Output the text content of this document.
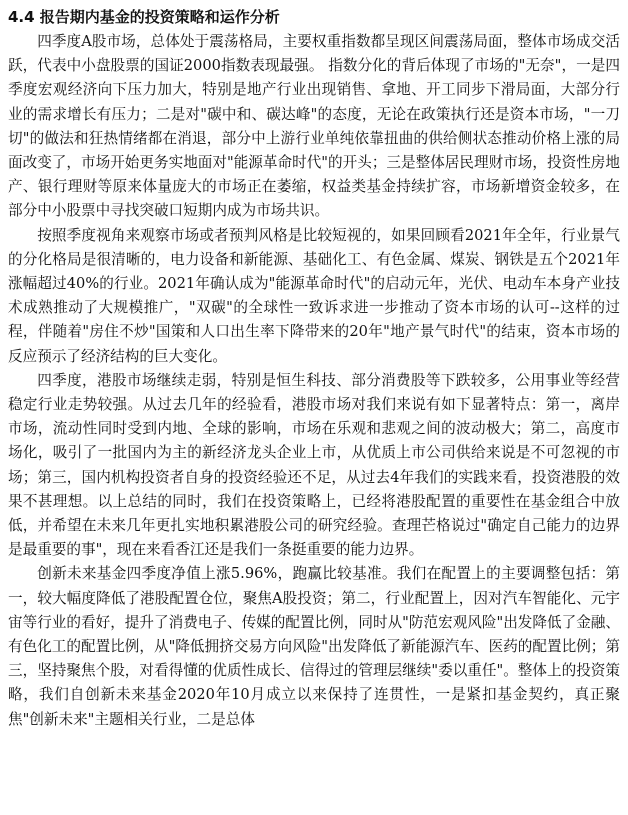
4.4 报告期内基金的投资策略和运作分析

四季度A股市场，总体处于震荡格局，主要权重指数都呈现区间震荡局面，整体市场成交活跃，代表中小盘股票的国证2000指数表现最强。 指数分化的背后体现了市场的"无奈"，一是四季度宏观经济向下压力加大，特别是地产行业出现销售、拿地、开工同步下滑局面，大部分行业的需求增长有压力；二是对"碳中和、碳达峰"的态度，无论在政策执行还是资本市场，"一刀切"的做法和狂热情绪都在消退，部分中上游行业单纯依靠扭曲的供给侧状态推动价格上涨的局面改变了，市场开始更务实地面对"能源革命时代"的开头；三是整体居民理财市场，投资性房地产、银行理财等原来体量庞大的市场正在萎缩，权益类基金持续扩容，市场新增资金较多，在部分中小股票中寻找突破口短期内成为市场共识。

按照季度视角来观察市场或者预判风格是比较短视的，如果回顾看2021年全年，行业景气的分化格局是很清晰的，电力设备和新能源、基础化工、有色金属、煤炭、钢铁是五个2021年涨幅超过40%的行业。2021年确认成为"能源革命时代"的启动元年，光伏、电动车本身产业技术成熟推动了大规模推广，"双碳"的全球性一致诉求进一步推动了资本市场的认可--这样的过程，伴随着"房住不炒"国策和人口出生率下降带来的20年"地产景气时代"的结束，资本市场的反应预示了经济结构的巨大变化。

四季度，港股市场继续走弱，特别是恒生科技、部分消费股等下跌较多，公用事业等经营稳定行业走势较强。从过去几年的经验看，港股市场对我们来说有如下显著特点：第一，离岸市场，流动性同时受到内地、全球的影响，市场在乐观和悲观之间的波动极大；第二，高度市场化，吸引了一批国内为主的新经济龙头企业上市，从优质上市公司供给来说是不可忽视的市场；第三，国内机构投资者自身的投资经验还不足，从过去4年我们的实践来看，投资港股的效果不甚理想。以上总结的同时，我们在投资策略上，已经将港股配置的重要性在基金组合中放低，并希望在未来几年更扎实地积累港股公司的研究经验。查理芒格说过"确定自己能力的边界是最重要的事"，现在来看香江还是我们一条挺重要的能力边界。

创新未来基金四季度净值上涨5.96%，跑赢比较基准。我们在配置上的主要调整包括：第一，较大幅度降低了港股配置仓位，聚焦A股投资；第二，行业配置上，因对汽车智能化、元宇宙等行业的看好，提升了消费电子、传媒的配置比例，同时从"防范宏观风险"出发降低了金融、有色化工的配置比例，从"降低拥挤交易方向风险"出发降低了新能源汽车、医药的配置比例；第三，坚持聚焦个股，对看得懂的优质性成长、信得过的管理层继续"委以重任"。整体上的投资策略，我们自创新未来基金2020年10月成立以来保持了连贯性，一是紧扣基金契约，真正聚焦"创新未来"主题相关行业，二是总体
